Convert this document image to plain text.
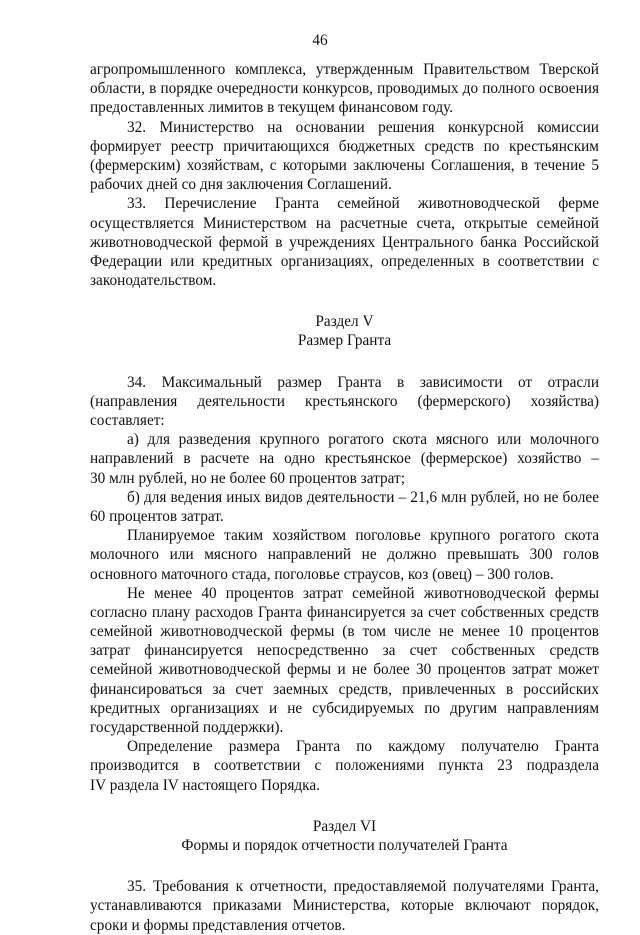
46
агропромышленного комплекса, утвержденным Правительством Тверской
области, в порядке очередности конкурсов, проводимых до полного освоения
предоставленных лимитов в текущем финансовом году.
32. Министерство на основании решения конкурсной комиссии
формирует реестр причитающихся бюджетных средств по крестьянским
(фермерским) хозяйствам, с которыми заключены Соглашения, в течение 5
рабочих дней со дня заключения Соглашений.
33. Перечисление Гранта семейной животноводческой ферме
осуществляется Министерством на расчетные счета, открытые семейной
животноводческой фермой в учреждениях Центрального банка Российской
Федерации или кредитных организациях, определенных в соответствии с
законодательством.
Раздел V
Размер Гранта
34. Максимальный размер Гранта в зависимости от отрасли
(направления деятельности крестьянского (фермерского) хозяйства)
составляет:
а) для разведения крупного рогатого скота мясного или молочного
направлений в расчете на одно крестьянское (фермерское) хозяйство –
30 млн рублей, но не более 60 процентов затрат;
б) для ведения иных видов деятельности – 21,6 млн рублей, но не более
60 процентов затрат.
Планируемое таким хозяйством поголовье крупного рогатого скота
молочного или мясного направлений не должно превышать 300 голов
основного маточного стада, поголовье страусов, коз (овец) – 300 голов.
Не менее 40 процентов затрат семейной животноводческой фермы
согласно плану расходов Гранта финансируется за счет собственных средств
семейной животноводческой фермы (в том числе не менее 10 процентов
затрат финансируется непосредственно за счет собственных средств
семейной животноводческой фермы и не более 30 процентов затрат может
финансироваться за счет заемных средств, привлеченных в российских
кредитных организациях и не субсидируемых по другим направлениям
государственной поддержки).
Определение размера Гранта по каждому получателю Гранта
производится в соответствии с положениями пункта 23 подраздела
IV раздела IV настоящего Порядка.
Раздел VI
Формы и порядок отчетности получателей Гранта
35. Требования к отчетности, предоставляемой получателями Гранта,
устанавливаются приказами Министерства, которые включают порядок,
сроки и формы представления отчетов.
